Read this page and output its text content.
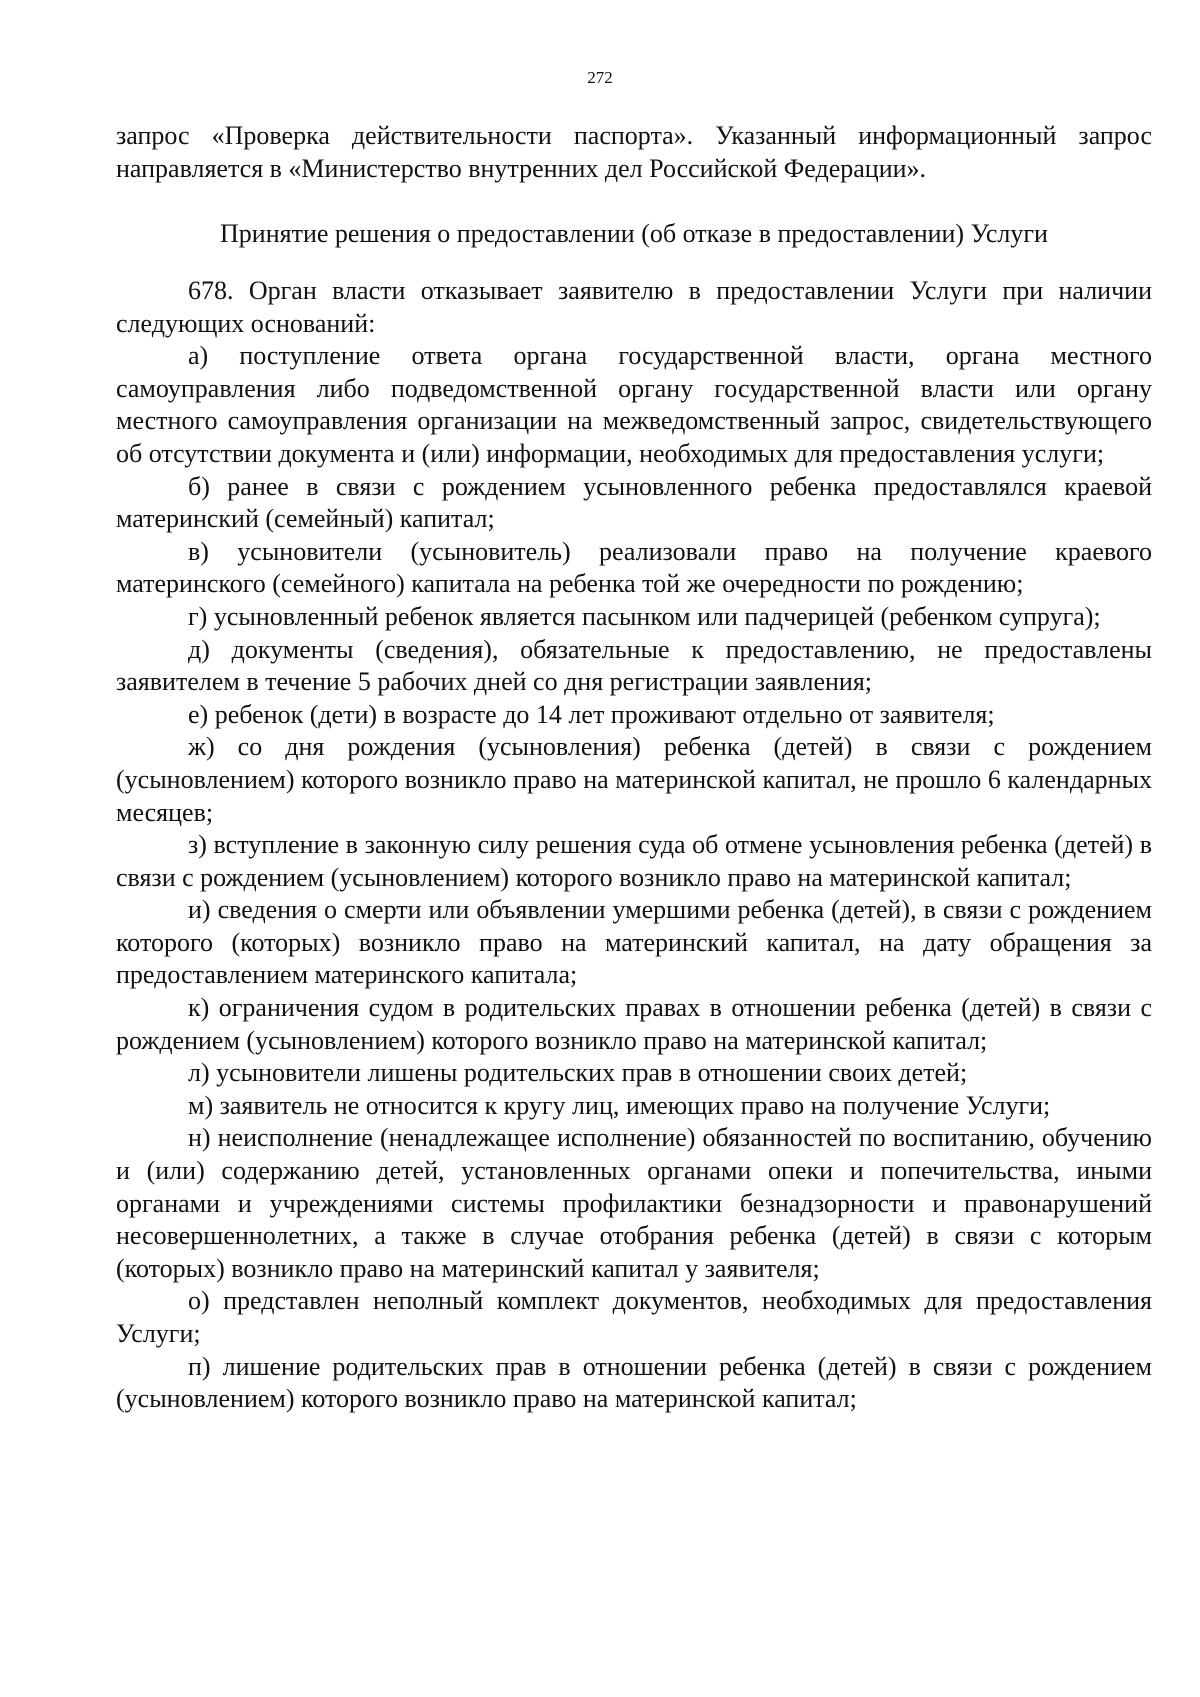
272

запрос «Проверка действительности паспорта». Указанный информационный запрос направляется в «Министерство внутренних дел Российской Федерации».

Принятие решения о предоставлении (об отказе в предоставлении) Услуги

678. Орган власти отказывает заявителю в предоставлении Услуги при наличии следующих оснований:

а) поступление ответа органа государственной власти, органа местного самоуправления либо подведомственной органу государственной власти или органу местного самоуправления организации на межведомственный запрос, свидетельствующего об отсутствии документа и (или) информации, необходимых для предоставления услуги;

б) ранее в связи с рождением усыновленного ребенка предоставлялся краевой материнский (семейный) капитал;

в) усыновители (усыновитель) реализовали право на получение краевого материнского (семейного) капитала на ребенка той же очередности по рождению;

г) усыновленный ребенок является пасынком или падчерицей (ребенком супруга);

д) документы (сведения), обязательные к предоставлению, не предоставлены заявителем в течение 5 рабочих дней со дня регистрации заявления;

е) ребенок (дети) в возрасте до 14 лет проживают отдельно от заявителя;

ж) со дня рождения (усыновления) ребенка (детей) в связи с рождением (усыновлением) которого возникло право на материнской капитал, не прошло 6 календарных месяцев;

з) вступление в законную силу решения суда об отмене усыновления ребенка (детей) в связи с рождением (усыновлением) которого возникло право на материнской капитал;

и) сведения о смерти или объявлении умершими ребенка (детей), в связи с рождением которого (которых) возникло право на материнский капитал, на дату обращения за предоставлением материнского капитала;

к) ограничения судом в родительских правах в отношении ребенка (детей) в связи с рождением (усыновлением) которого возникло право на материнской капитал;

л) усыновители лишены родительских прав в отношении своих детей;

м) заявитель не относится к кругу лиц, имеющих право на получение Услуги;

н) неисполнение (ненадлежащее исполнение) обязанностей по воспитанию, обучению и (или) содержанию детей, установленных органами опеки и попечительства, иными органами и учреждениями системы профилактики безнадзорности и правонарушений несовершеннолетних, а также в случае отобрания ребенка (детей) в связи с которым (которых) возникло право на материнский капитал у заявителя;

о) представлен неполный комплект документов, необходимых для предоставления Услуги;

п) лишение родительских прав в отношении ребенка (детей) в связи с рождением (усыновлением) которого возникло право на материнской капитал;
